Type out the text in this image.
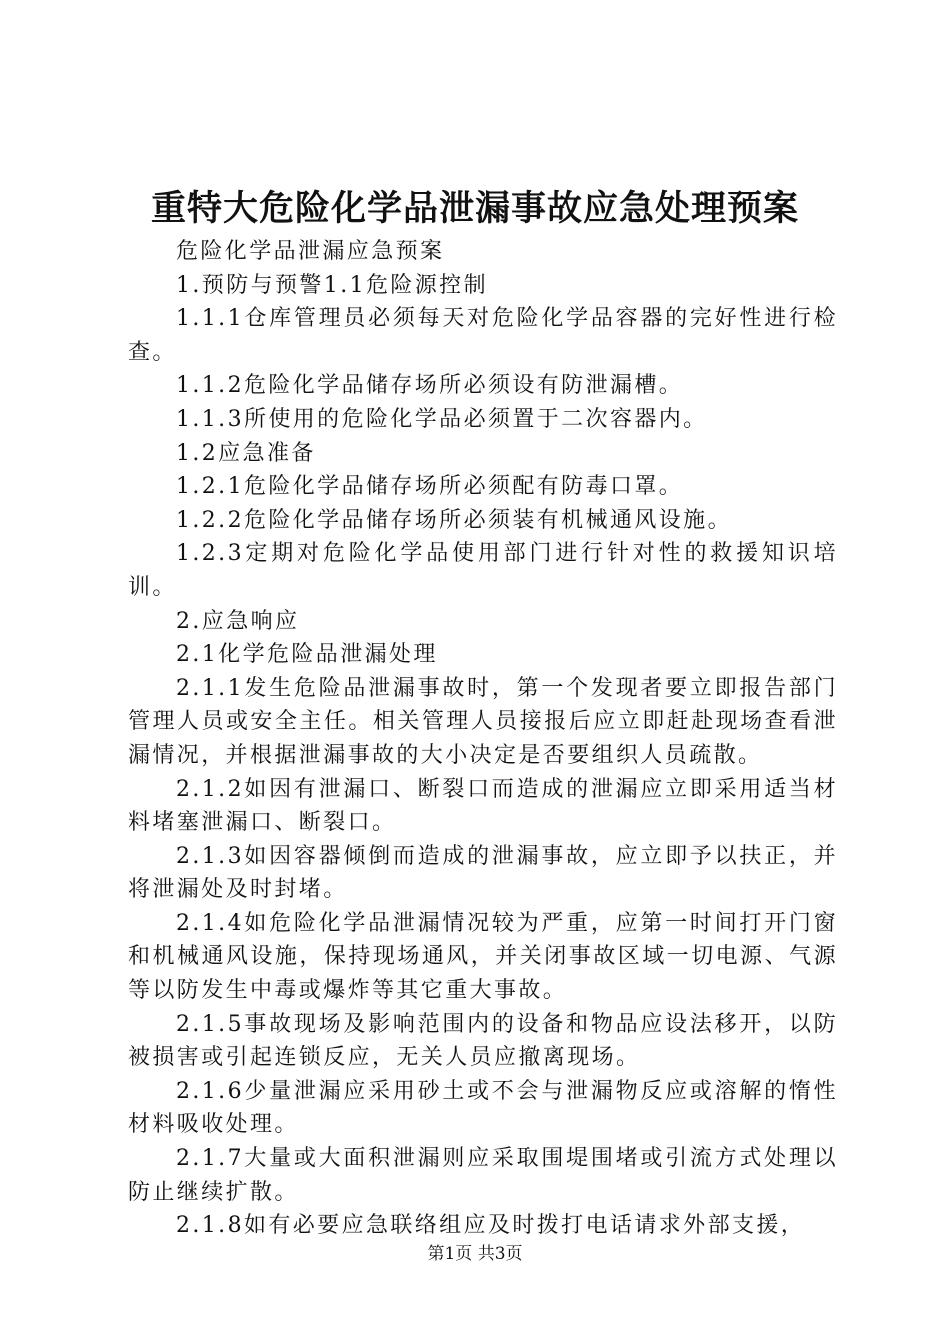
重特大危险化学品泄漏事故应急处理预案

危险化学品泄漏应急预案

1.预防与预警1.1危险源控制

1.1.1仓库管理员必须每天对危险化学品容器的完好性进行检查。

1.1.2危险化学品储存场所必须设有防泄漏槽。

1.1.3所使用的危险化学品必须置于二次容器内。

1.2应急准备

1.2.1危险化学品储存场所必须配有防毒口罩。

1.2.2危险化学品储存场所必须装有机械通风设施。

1.2.3定期对危险化学品使用部门进行针对性的救援知识培训。

2.应急响应

2.1化学危险品泄漏处理

2.1.1发生危险品泄漏事故时，第一个发现者要立即报告部门管理人员或安全主任。相关管理人员接报后应立即赶赴现场查看泄漏情况，并根据泄漏事故的大小决定是否要组织人员疏散。

2.1.2如因有泄漏口、断裂口而造成的泄漏应立即采用适当材料堵塞泄漏口、断裂口。

2.1.3如因容器倾倒而造成的泄漏事故，应立即予以扶正，并将泄漏处及时封堵。

2.1.4如危险化学品泄漏情况较为严重，应第一时间打开门窗和机械通风设施，保持现场通风，并关闭事故区域一切电源、气源等以防发生中毒或爆炸等其它重大事故。

2.1.5事故现场及影响范围内的设备和物品应设法移开，以防被损害或引起连锁反应，无关人员应撤离现场。

2.1.6少量泄漏应采用砂土或不会与泄漏物反应或溶解的惰性材料吸收处理。

2.1.7大量或大面积泄漏则应采取围堤围堵或引流方式处理以防止继续扩散。

2.1.8如有必要应急联络组应及时拨打电话请求外部支援，

第1页 共3页
